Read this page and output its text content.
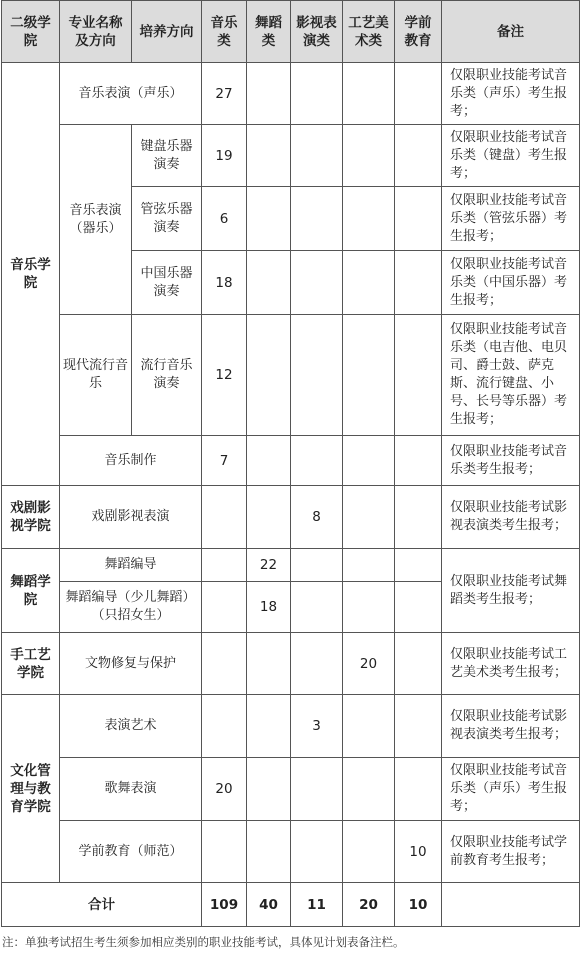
二级学院	专业名称及方向	培养方向	音乐类	舞蹈类	影视表演类	工艺美术类	学前教育	备注
音乐学院	音乐表演（声乐）		27					仅限职业技能考试音乐类（声乐）考生报考；
	音乐表演（器乐）	键盘乐器演奏	19					仅限职业技能考试音乐类（键盘）考生报考；
		管弦乐器演奏	6					仅限职业技能考试音乐类（管弦乐器）考生报考；
		中国乐器演奏	18					仅限职业技能考试音乐类（中国乐器）考生报考；
	现代流行音乐	流行音乐演奏	12					仅限职业技能考试音乐类（电吉他、电贝司、爵士鼓、萨克斯、流行键盘、小号、长号等乐器）考生报考；
	音乐制作		7					仅限职业技能考试音乐类考生报考；
戏剧影视学院	戏剧影视表演				8			仅限职业技能考试影视表演类考生报考；
舞蹈学院	舞蹈编导			22				仅限职业技能考试舞蹈类考生报考；
	舞蹈编导（少儿舞蹈）（只招女生）			18				
手工艺学院	文物修复与保护					20		仅限职业技能考试工艺美术类考生报考；
文化管理与教育学院	表演艺术				3			仅限职业技能考试影视表演类考生报考；
	歌舞表演		20					仅限职业技能考试音乐类（声乐）考生报考；
	学前教育（师范）						10	仅限职业技能考试学前教育考生报考；
合计			109	40	11	20	10	
注：单独考试招生考生须参加相应类别的职业技能考试，具体见计划表备注栏。
